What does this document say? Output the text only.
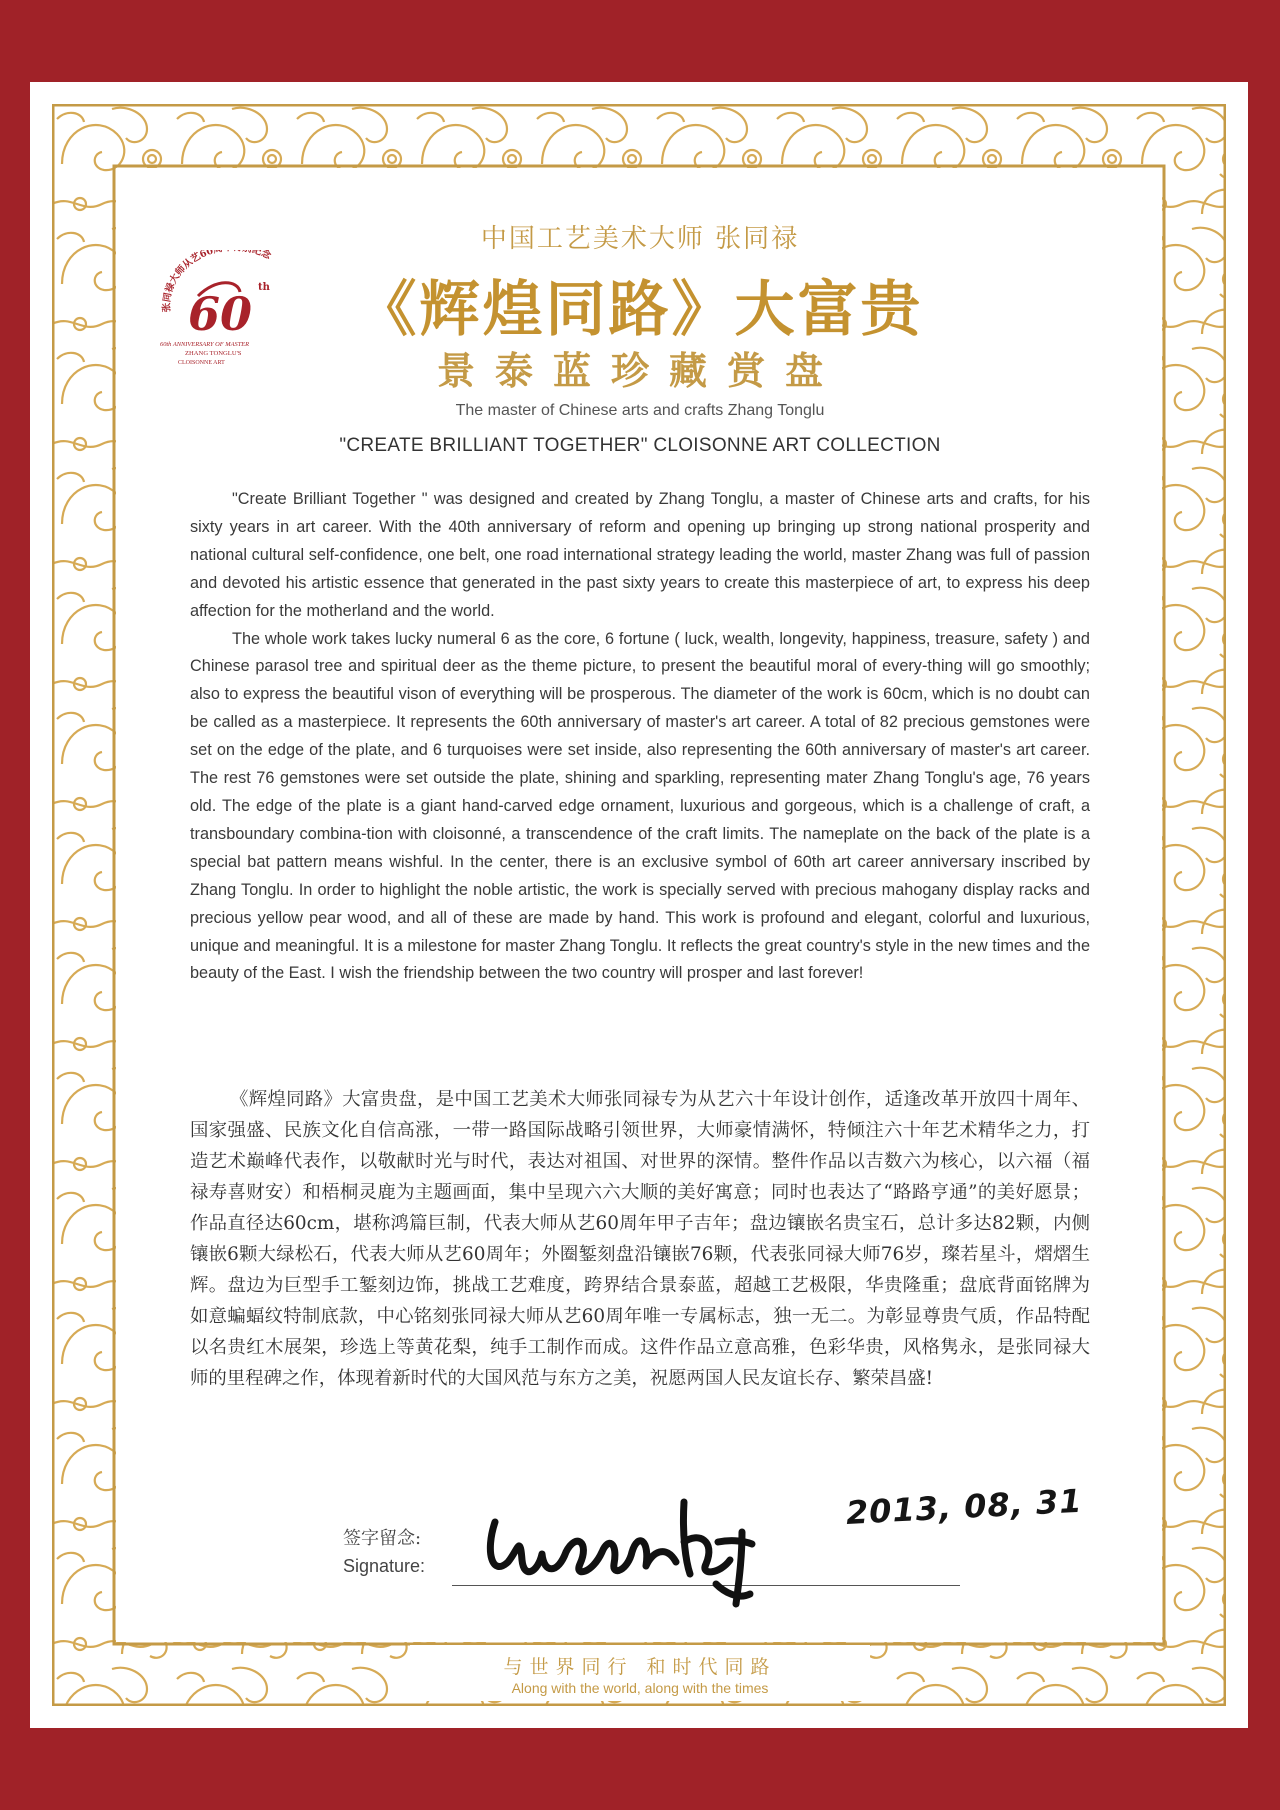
张同禄大师从艺60 纪念
60 th
60th ANNIVERSARY OF MASTER
ZHANG TONGLU'S
CLOISONNE ART
中国工艺美术大师 张同禄
《辉煌同路》大富贵
景泰蓝珍藏赏盘
The master of Chinese arts and crafts Zhang Tonglu
"CREATE BRILLIANT TOGETHER" CLOISONNE ART COLLECTION

"Create Brilliant Together " was designed and created by Zhang Tonglu, a master of Chinese arts and crafts, for his sixty years in art career. With the 40th anniversary of reform and opening up bringing up strong national prosperity and national cultural self-confidence, one belt, one road international strategy leading the world, master Zhang was full of passion and devoted his artistic essence that generated in the past sixty years to create this masterpiece of art, to express his deep affection for the motherland and the world.

The whole work takes lucky numeral 6 as the core, 6 fortune ( luck, wealth, longevity, happiness, treasure, safety ) and Chinese parasol tree and spiritual deer as the theme picture, to present the beautiful moral of every-thing will go smoothly; also to express the beautiful vison of everything will be prosperous. The diameter of the work is 60cm, which is no doubt can be called as a masterpiece. It represents the 60th anniversary of master's art career. A total of 82 precious gemstones were set on the edge of the plate, and 6 turquoises were set inside, also representing the 60th anniversary of master's art career. The rest 76 gemstones were set outside the plate, shining and sparkling, representing mater Zhang Tonglu's age, 76 years old. The edge of the plate is a giant hand-carved edge ornament, luxurious and gorgeous, which is a challenge of craft, a transboundary combina-tion with cloisonné, a transcendence of the craft limits. The nameplate on the back of the plate is a special bat pattern means wishful. In the center, there is an exclusive symbol of 60th art career anniversary inscribed by Zhang Tonglu. In order to highlight the noble artistic, the work is specially served with precious mahogany display racks and precious yellow pear wood, and all of these are made by hand. This work is profound and elegant, colorful and luxurious, unique and meaningful. It is a milestone for master Zhang Tonglu. It reflects the great country's style in the new times and the beauty of the East. I wish the friendship between the two country will prosper and last forever!

《辉煌同路》大富贵盘，是中国工艺美术大师张同禄专为从艺六十年设计创作，适逢改革开放四十周年、国家强盛、民族文化自信高涨，一带一路国际战略引领世界，大师豪情满怀，特倾注六十年艺术精华之力，打造艺术巅峰代表作，以敬献时光与时代，表达对祖国、对世界的深情。整件作品以吉数六为核心，以六福（福禄寿喜财安）和梧桐灵鹿为主题画面，集中呈现六六大顺的美好寓意；同时也表达了“路路亨通”的美好愿景；作品直径达60cm，堪称鸿篇巨制，代表大师从艺60周年甲子吉年；盘边镶嵌名贵宝石，总计多达82颗，内侧镶嵌6颗大绿松石，代表大师从艺60周年；外圈錾刻盘沿镶嵌76颗，代表张同禄大师76岁，璨若星斗，熠熠生辉。盘边为巨型手工錾刻边饰，挑战工艺难度，跨界结合景泰蓝，超越工艺极限，华贵隆重；盘底背面铭牌为如意蝙蝠纹特制底款，中心铭刻张同禄大师从艺60周年唯一专属标志，独一无二。为彰显尊贵气质，作品特配以名贵红木展架，珍选上等黄花梨，纯手工制作而成。这件作品立意高雅，色彩华贵，风格隽永，是张同禄大师的里程碑之作，体现着新时代的大国风范与东方之美，祝愿两国人民友谊长存、繁荣昌盛!

签字留念:
Signature:
2013, 08, 31
与世界同行 和时代同路
Along with the world, along with the times
